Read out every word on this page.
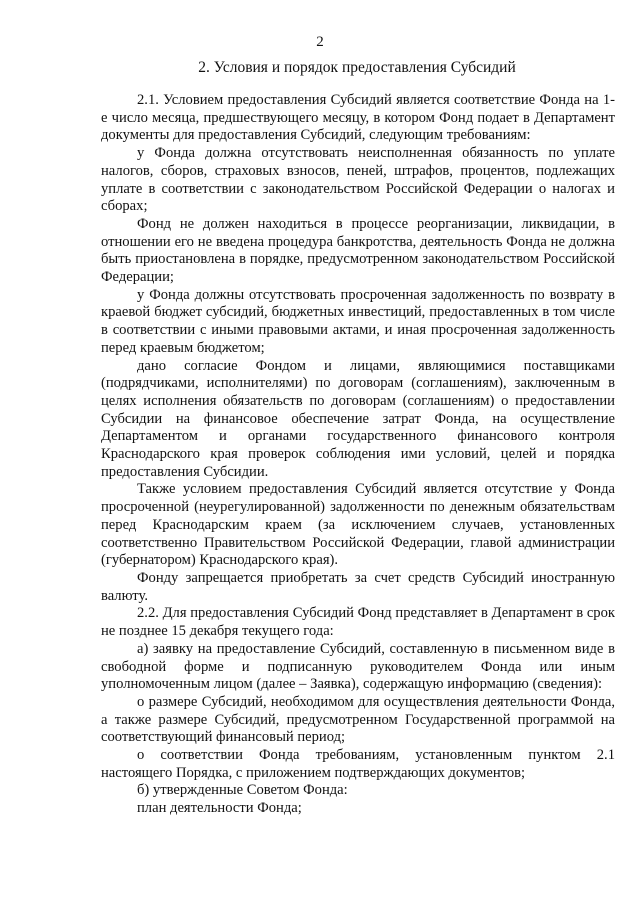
2
2. Условия и порядок предоставления Субсидий

2.1. Условием предоставления Субсидий является соответствие Фонда на 1-е число месяца, предшествующего месяцу, в котором Фонд подает в Департамент документы для предоставления Субсидий, следующим требованиям:

у Фонда должна отсутствовать неисполненная обязанность по уплате налогов, сборов, страховых взносов, пеней, штрафов, процентов, подлежащих уплате в соответствии с законодательством Российской Федерации о налогах и сборах;

Фонд не должен находиться в процессе реорганизации, ликвидации, в отношении его не введена процедура банкротства, деятельность Фонда не должна быть приостановлена в порядке, предусмотренном законодательством Российской Федерации;

у Фонда должны отсутствовать просроченная задолженность по возврату в краевой бюджет субсидий, бюджетных инвестиций, предоставленных в том числе в соответствии с иными правовыми актами, и иная просроченная задолженность перед краевым бюджетом;

дано согласие Фондом и лицами, являющимися поставщиками (подрядчиками, исполнителями) по договорам (соглашениям), заключенным в целях исполнения обязательств по договорам (соглашениям) о предоставлении Субсидии на финансовое обеспечение затрат Фонда, на осуществление Департаментом и органами государственного финансового контроля Краснодарского края проверок соблюдения ими условий, целей и порядка предоставления Субсидии.

Также условием предоставления Субсидий является отсутствие у Фонда просроченной (неурегулированной) задолженности по денежным обязательствам перед Краснодарским краем (за исключением случаев, установленных соответственно Правительством Российской Федерации, главой администрации (губернатором) Краснодарского края).

Фонду запрещается приобретать за счет средств Субсидий иностранную валюту.

2.2. Для предоставления Субсидий Фонд представляет в Департамент в срок не позднее 15 декабря текущего года:

а) заявку на предоставление Субсидий, составленную в письменном виде в свободной форме и подписанную руководителем Фонда или иным уполномоченным лицом (далее – Заявка), содержащую информацию (сведения):

о размере Субсидий, необходимом для осуществления деятельности Фонда, а также размере Субсидий, предусмотренном Государственной программой на соответствующий финансовый период;

о соответствии Фонда требованиям, установленным пунктом 2.1 настоящего Порядка, с приложением подтверждающих документов;

б) утвержденные Советом Фонда:

план деятельности Фонда;
